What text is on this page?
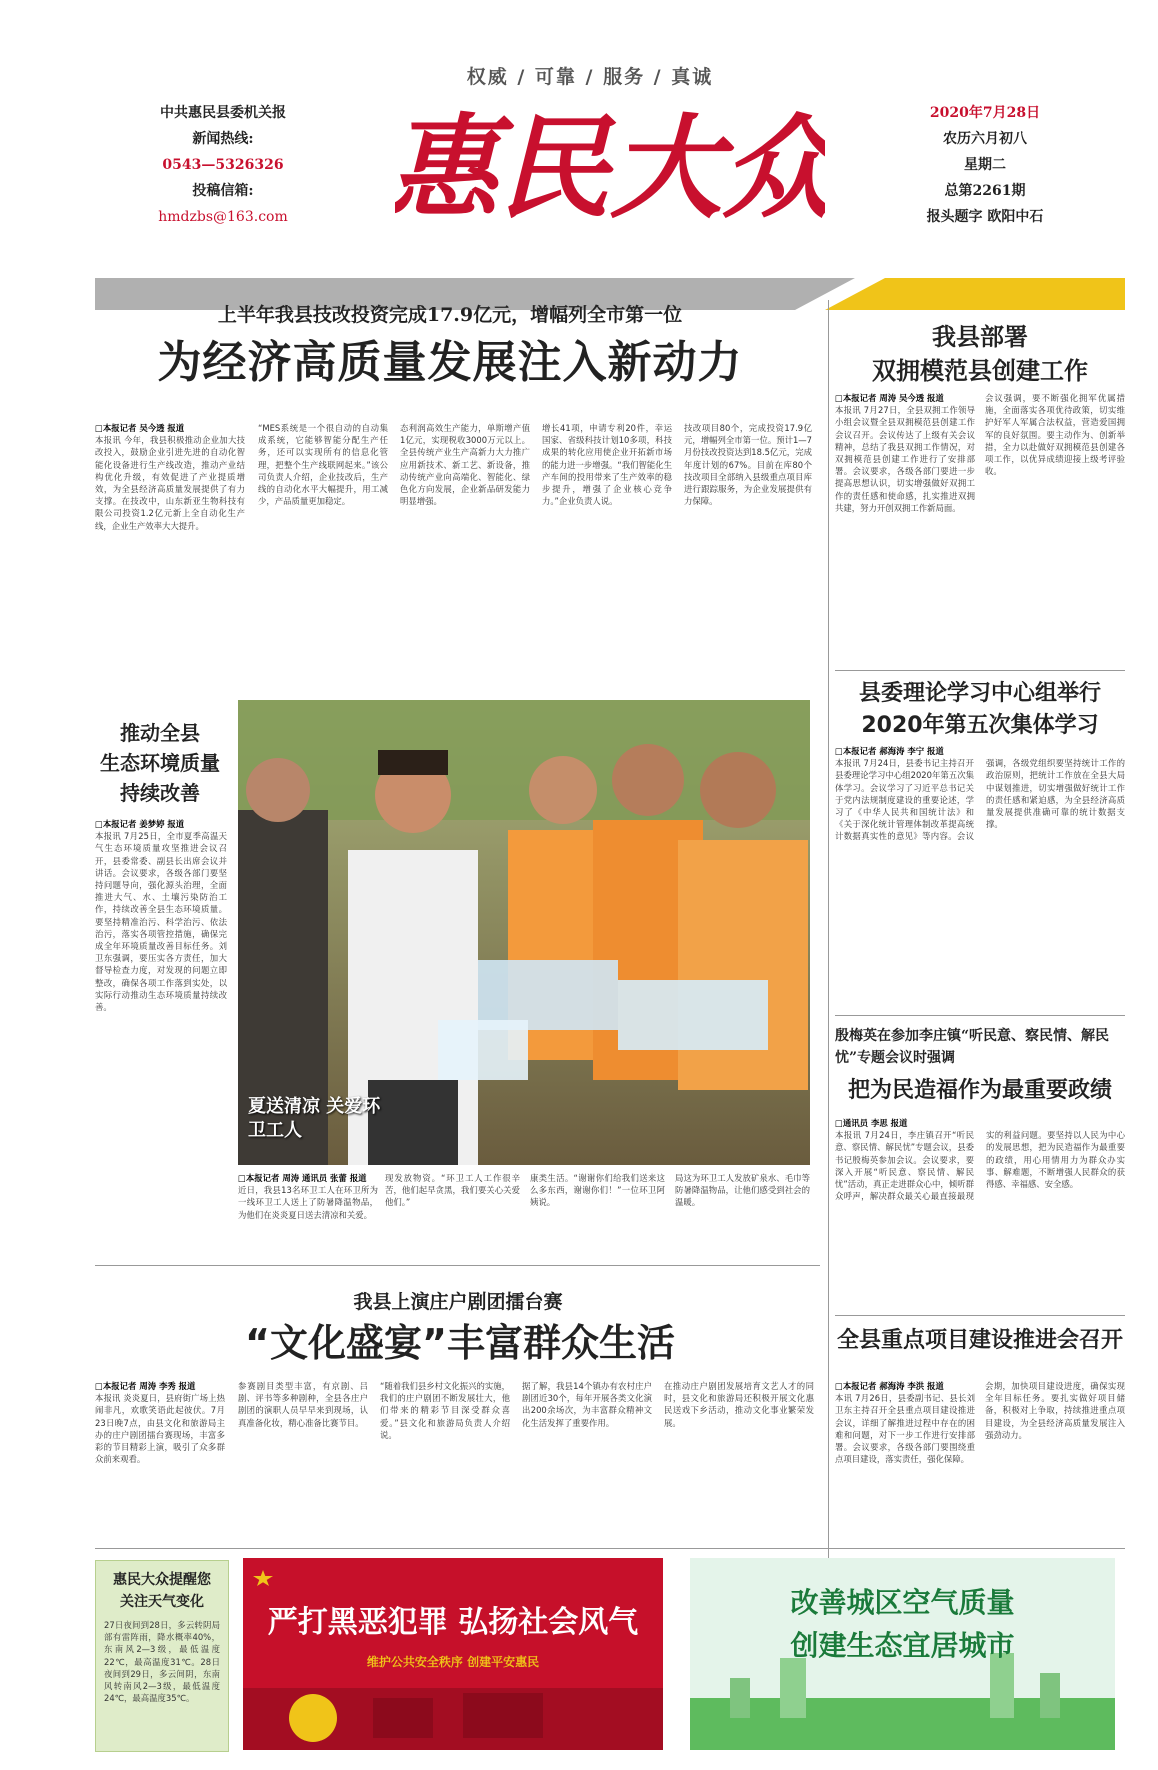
中共惠民县委机关报
新闻热线:
0543—5326326
投稿信箱:
hmdzbs@163.com
权威 / 可靠 / 服务 / 真诚
惠民大众	2020年7月28日
农历六月初八
星期二
总第2261期
报头题字 欧阳中石
上半年我县技改投资完成17.9亿元，增幅列全市第一位
为经济高质量发展注入新动力
□本报记者 吴今透 报道
本报讯 今年，我县积极推动企业加大技改投入，鼓励企业引进先进的自动化智能化设备进行生产线改造，推动产业结构优化升级，有效促进了产业提质增效，为全县经济高质量发展提供了有力支撑。在技改中，山东新亚生物科技有限公司投资1.2亿元新上全自动化生产线，企业生产效率大大提升。
“MES系统是一个很自动的自动集成系统，它能够智能分配生产任务，还可以实现所有的信息化管理，把整个生产线联网起来。”该公司负责人介绍，企业技改后，生产线的自动化水平大幅提升，用工减少，产品质量更加稳定。
态利润高效生产能力，单斯增产值1亿元，实现税收3000万元以上。全县传统产业生产高新力大力推广应用新技术、新工艺、新设备，推动传统产业向高端化、智能化、绿色化方向发展，企业新品研发能力明显增强。
增长41项，申请专利20件，幸运国家、省级科技计划10多项，科技成果的转化应用使企业开拓新市场的能力进一步增强。“我们智能化生产车间的投用带来了生产效率的稳步提升，增强了企业核心竞争力。”企业负责人说。
技改项目80个，完成投资17.9亿元，增幅列全市第一位。预计1—7月份技改投资达到18.5亿元，完成年度计划的67%。目前在库80个技改项目全部纳入县级重点项目库进行跟踪服务，为企业发展提供有力保障。
我县部署
双拥模范县创建工作
□本报记者 周涛 吴今透 报道
本报讯 7月27日，全县双拥工作领导小组会议暨全县双拥模范县创建工作会议召开。会议传达了上级有关会议精神，总结了我县双拥工作情况，对双拥模范县创建工作进行了安排部署。会议要求，各级各部门要进一步提高思想认识，切实增强做好双拥工作的责任感和使命感，扎实推进双拥共建，努力开创双拥工作新局面。
会议强调，要不断强化拥军优属措施，全面落实各项优待政策，切实维护好军人军属合法权益，营造爱国拥军的良好氛围。要主动作为、创新举措，全力以赴做好双拥模范县创建各项工作，以优异成绩迎接上级考评验收。
推动全县
生态环境质量
持续改善
□本报记者 姜梦婷 报道
本报讯 7月25日，全市夏季高温天气生态环境质量攻坚推进会议召开，县委常委、副县长出席会议并讲话。会议要求，各级各部门要坚持问题导向，强化源头治理，全面推进大气、水、土壤污染防治工作，持续改善全县生态环境质量。要坚持精准治污、科学治污、依法治污，落实各项管控措施，确保完成全年环境质量改善目标任务。刘卫东强调，要压实各方责任，加大督导检查力度，对发现的问题立即整改，确保各项工作落到实处，以实际行动推动生态环境质量持续改善。
夏送清凉 关爱环卫工人
□本报记者 周涛 通讯员 张蕾 报道
近日，我县13名环卫工人在环卫所为一线环卫工人送上了防暑降温物品，为他们在炎炎夏日送去清凉和关爱。
现发放物资。“环卫工人工作很辛苦，他们起早贪黑，我们要关心关爱他们。”
康类生活。“谢谢你们给我们送来这么多东西，谢谢你们！”一位环卫阿姨说。
局这为环卫工人发放矿泉水、毛巾等防暑降温物品，让他们感受到社会的温暖。
县委理论学习中心组举行
2020年第五次集体学习
□本报记者 郝海涛 李宁 报道
本报讯 7月24日，县委书记主持召开县委理论学习中心组2020年第五次集体学习。会议学习了习近平总书记关于党内法规制度建设的重要论述，学习了《中华人民共和国统计法》和《关于深化统计管理体制改革提高统计数据真实性的意见》等内容。会议强调，各级党组织要坚持统计工作的政治原则，把统计工作放在全县大局中谋划推进，切实增强做好统计工作的责任感和紧迫感，为全县经济高质量发展提供准确可靠的统计数据支撑。
殷梅英在参加李庄镇“听民意、察民情、解民忧”专题会议时强调
把为民造福作为最重要政绩
□通讯员 李思 报道
本报讯 7月24日，李庄镇召开“听民意、察民情、解民忧”专题会议，县委书记殷梅英参加会议。会议要求，要深入开展“听民意、察民情、解民忧”活动，真正走进群众心中，倾听群众呼声，解决群众最关心最直接最现实的利益问题。要坚持以人民为中心的发展思想，把为民造福作为最重要的政绩，用心用情用力为群众办实事、解难题，不断增强人民群众的获得感、幸福感、安全感。
我县上演庄户剧团擂台赛
“文化盛宴”丰富群众生活
□本报记者 周涛 李秀 报道
本报讯 炎炎夏日，县府街广场上热闹非凡，欢歌笑语此起彼伏。7月23日晚7点，由县文化和旅游局主办的庄户剧团擂台赛现场，丰富多彩的节目精彩上演，吸引了众多群众前来观看。
参赛剧目类型丰富，有京剧、吕剧、评书等多种剧种，全县各庄户剧团的演职人员早早来到现场，认真准备化妆，精心准备比赛节目。
“随着我们县乡村文化振兴的实施，我们的庄户剧团不断发展壮大，他们带来的精彩节目深受群众喜爱。”县文化和旅游局负责人介绍说。
据了解，我县14个镇办有农村庄户剧团近30个，每年开展各类文化演出200余场次，为丰富群众精神文化生活发挥了重要作用。
在推动庄户剧团发展培育文艺人才的同时，县文化和旅游局还积极开展文化惠民送戏下乡活动，推动文化事业繁荣发展。
全县重点项目建设推进会召开
□本报记者 郝海涛 李洪 报道
本讯 7月26日，县委副书记、县长刘卫东主持召开全县重点项目建设推进会议，详细了解推进过程中存在的困难和问题，对下一步工作进行安排部署。会议要求，各级各部门要围绕重点项目建设，落实责任，强化保障。
会期，加快项目建设进度，确保实现全年目标任务。要扎实做好项目储备，积极对上争取，持续推进重点项目建设，为全县经济高质量发展注入强劲动力。
惠民大众提醒您
关注天气变化
27日夜间到28日，多云转阴局部有雷阵雨，降水概率40%，东南风2—3级，最低温度22℃，最高温度31℃。28日夜间到29日，多云间阴，东南风转南风2—3级，最低温度24℃，最高温度35℃。
严打黑恶犯罪 弘扬社会风气
维护公共安全秩序 创建平安惠民
改善城区空气质量
创建生态宜居城市
